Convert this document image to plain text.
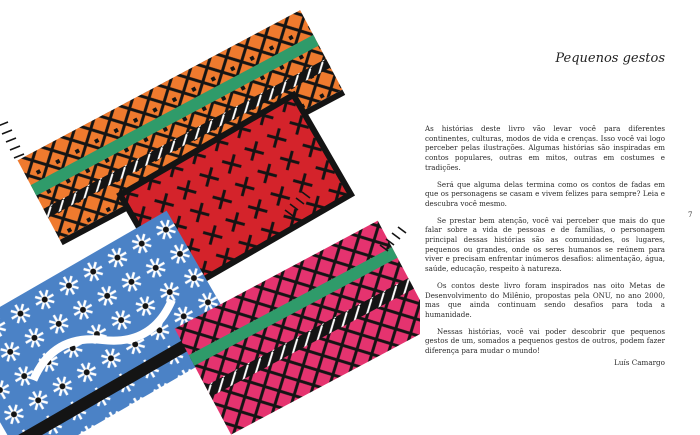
Pequenos gestos

As histórias deste livro vão levar você para diferentes continentes, culturas, modos de vida e crenças. Isso você vai logo perceber pelas ilustrações. Algumas histórias são inspiradas em contos populares, outras em mitos, outras em costumes e tradições.

Será que alguma delas termina como os contos de fadas em que os personagens se casam e vivem felizes para sempre? Leia e descubra você mesmo.

Se prestar bem atenção, você vai perceber que mais do que falar sobre a vida de pessoas e de famílias, o personagem principal dessas histórias são as comunidades, os lugares, pequenos ou grandes, onde os seres humanos se reúnem para viver e precisam enfrentar inúmeros desafios: alimentação, água, saúde, educação, respeito à natureza.

Os contos deste livro foram inspirados nas oito Metas de Desenvolvimento do Milênio, propostas pela ONU, no ano 2000, mas que ainda continuam sendo desafios para toda a humanidade.

Nessas histórias, você vai poder descobrir que pequenos gestos de um, somados a pequenos gestos de outros, podem fazer diferença para mudar o mundo!

Luís Camargo
7
